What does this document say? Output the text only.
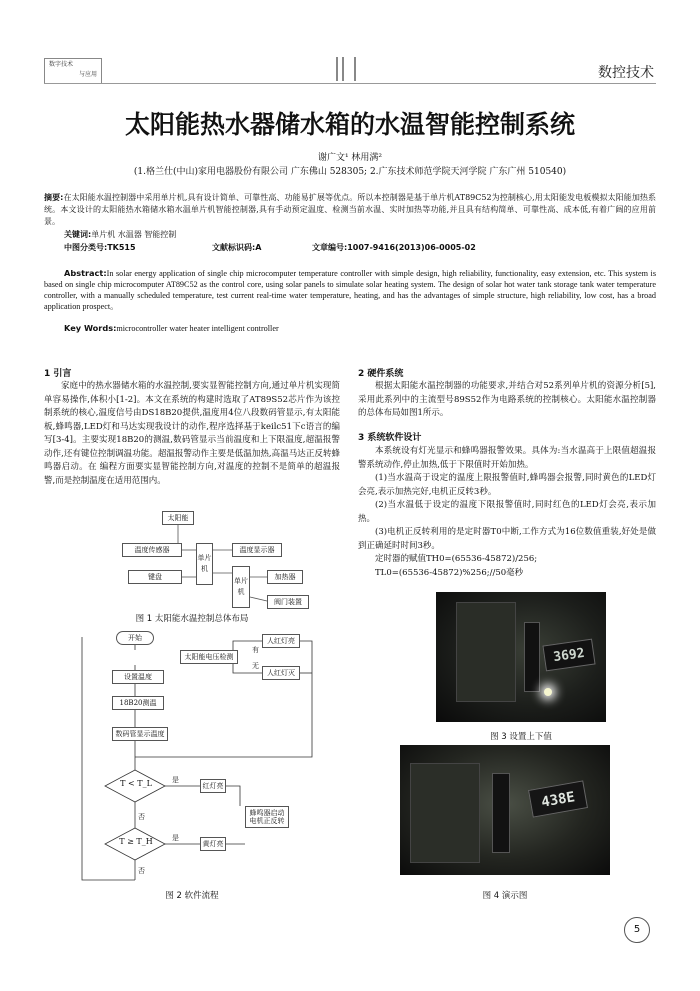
数字技术
与应用	数控技术
太阳能热水器储水箱的水温智能控制系统
谢广文¹ 林用满²
(1.格兰仕(中山)家用电器股份有限公司 广东佛山 528305; 2.广东技术师范学院天河学院 广东广州 510540)
摘要:在太阳能水温控制器中采用单片机,具有设计简单、可靠性高、功能易扩展等优点。所以本控制器是基于单片机AT89C52为控制核心,用太阳能发电板模拟太阳能加热系统。本文设计的太阳能热水箱储水箱水温单片机智能控制器,具有手动预定温度、检测当前水温、实时加热等功能,并且具有结构简单、可靠性高、成本低,有着广阔的应用前景。
关键词:单片机 水温器 智能控制
中图分类号:TK515	文献标识码:A	文章编号:1007-9416(2013)06-0005-02
Abstract:In solar energy application of single chip microcomputer temperature controller with simple design, high reliability, functionality, easy extension, etc. This system is based on single chip microcomputer AT89C52 as the control core, using solar panels to simulate solar heating system. The design of solar hot water tank storage tank water temperature controller, with a manually scheduled temperature, test current real-time water temperature, heating, and has the advantages of simple structure, high reliability, low cost, has a broad application prospect。
Key Words:microcontroller water heater intelligent controller
1 引言
家庭中的热水器储水箱的水温控制,要实显智能控制方向,通过单片机实现简单容易操作,体积小[1-2]。本文在系统的构建时选取了AT89S52芯片作为该控制系统的核心,温度信号由DS18B20提供,温度用4位八段数码管显示,有太阳能板,蜂鸣器,LED灯和马达实现我设计的动作,程序选择基于keilc51下c语言的编写[3-4]。主要实现18B20的测温,数码管显示当前温度和上下限温度,超温报警动作,还有键位控制调温功能。超温报警动作主要是低温加热,高温马达正反转蜂鸣器启动。在 编程方面要实显智能控制方向,对温度的控制不是简单的超温报警,而是控制温度在适用范围内。
太阳能
温度传感器
单片机
温度显示器
键盘
单片机
加热器
阀门装置
图 1 太阳能水温控制总体布局
开始
太阳能电压检测
设置温度
18B20测温
数码管显示温度
T < T_L
T ≥ T_H
红灯亮
黄灯亮
蜂鸣器启动 电机正反转
人红灯亮
人红灯灭
有
无
是
否
是
否
图 2 软件流程
2 硬件系统
根据太阳能水温控制器的功能要求,并结合对52系列单片机的资源分析[5],采用此系列中的主流型号89S52作为电路系统的控制核心。太阳能水温控制器的总体布局如图1所示。
3 系统软件设计
本系统设有灯光显示和蜂鸣器报警效果。具体为:当水温高于上限值超温报警系统动作,停止加热,低于下限值时开始加热。
(1)当水温高于设定的温度上限报警值时,蜂鸣器会报警,同时黄色的LED灯会亮,表示加热完好,电机正反转3秒。
(2)当水温低于设定的温度下限报警值时,同时红色的LED灯会亮,表示加热。
(3)电机正反转利用的是定时器T0中断,工作方式为16位数值重装,好处是做到正确延时时间3秒。
定时器的赋值TH0=(65536-45872)/256;
TL0=(65536-45872)%256;//50毫秒
3692
图 3 设置上下值
438E
图 4 演示图
5
